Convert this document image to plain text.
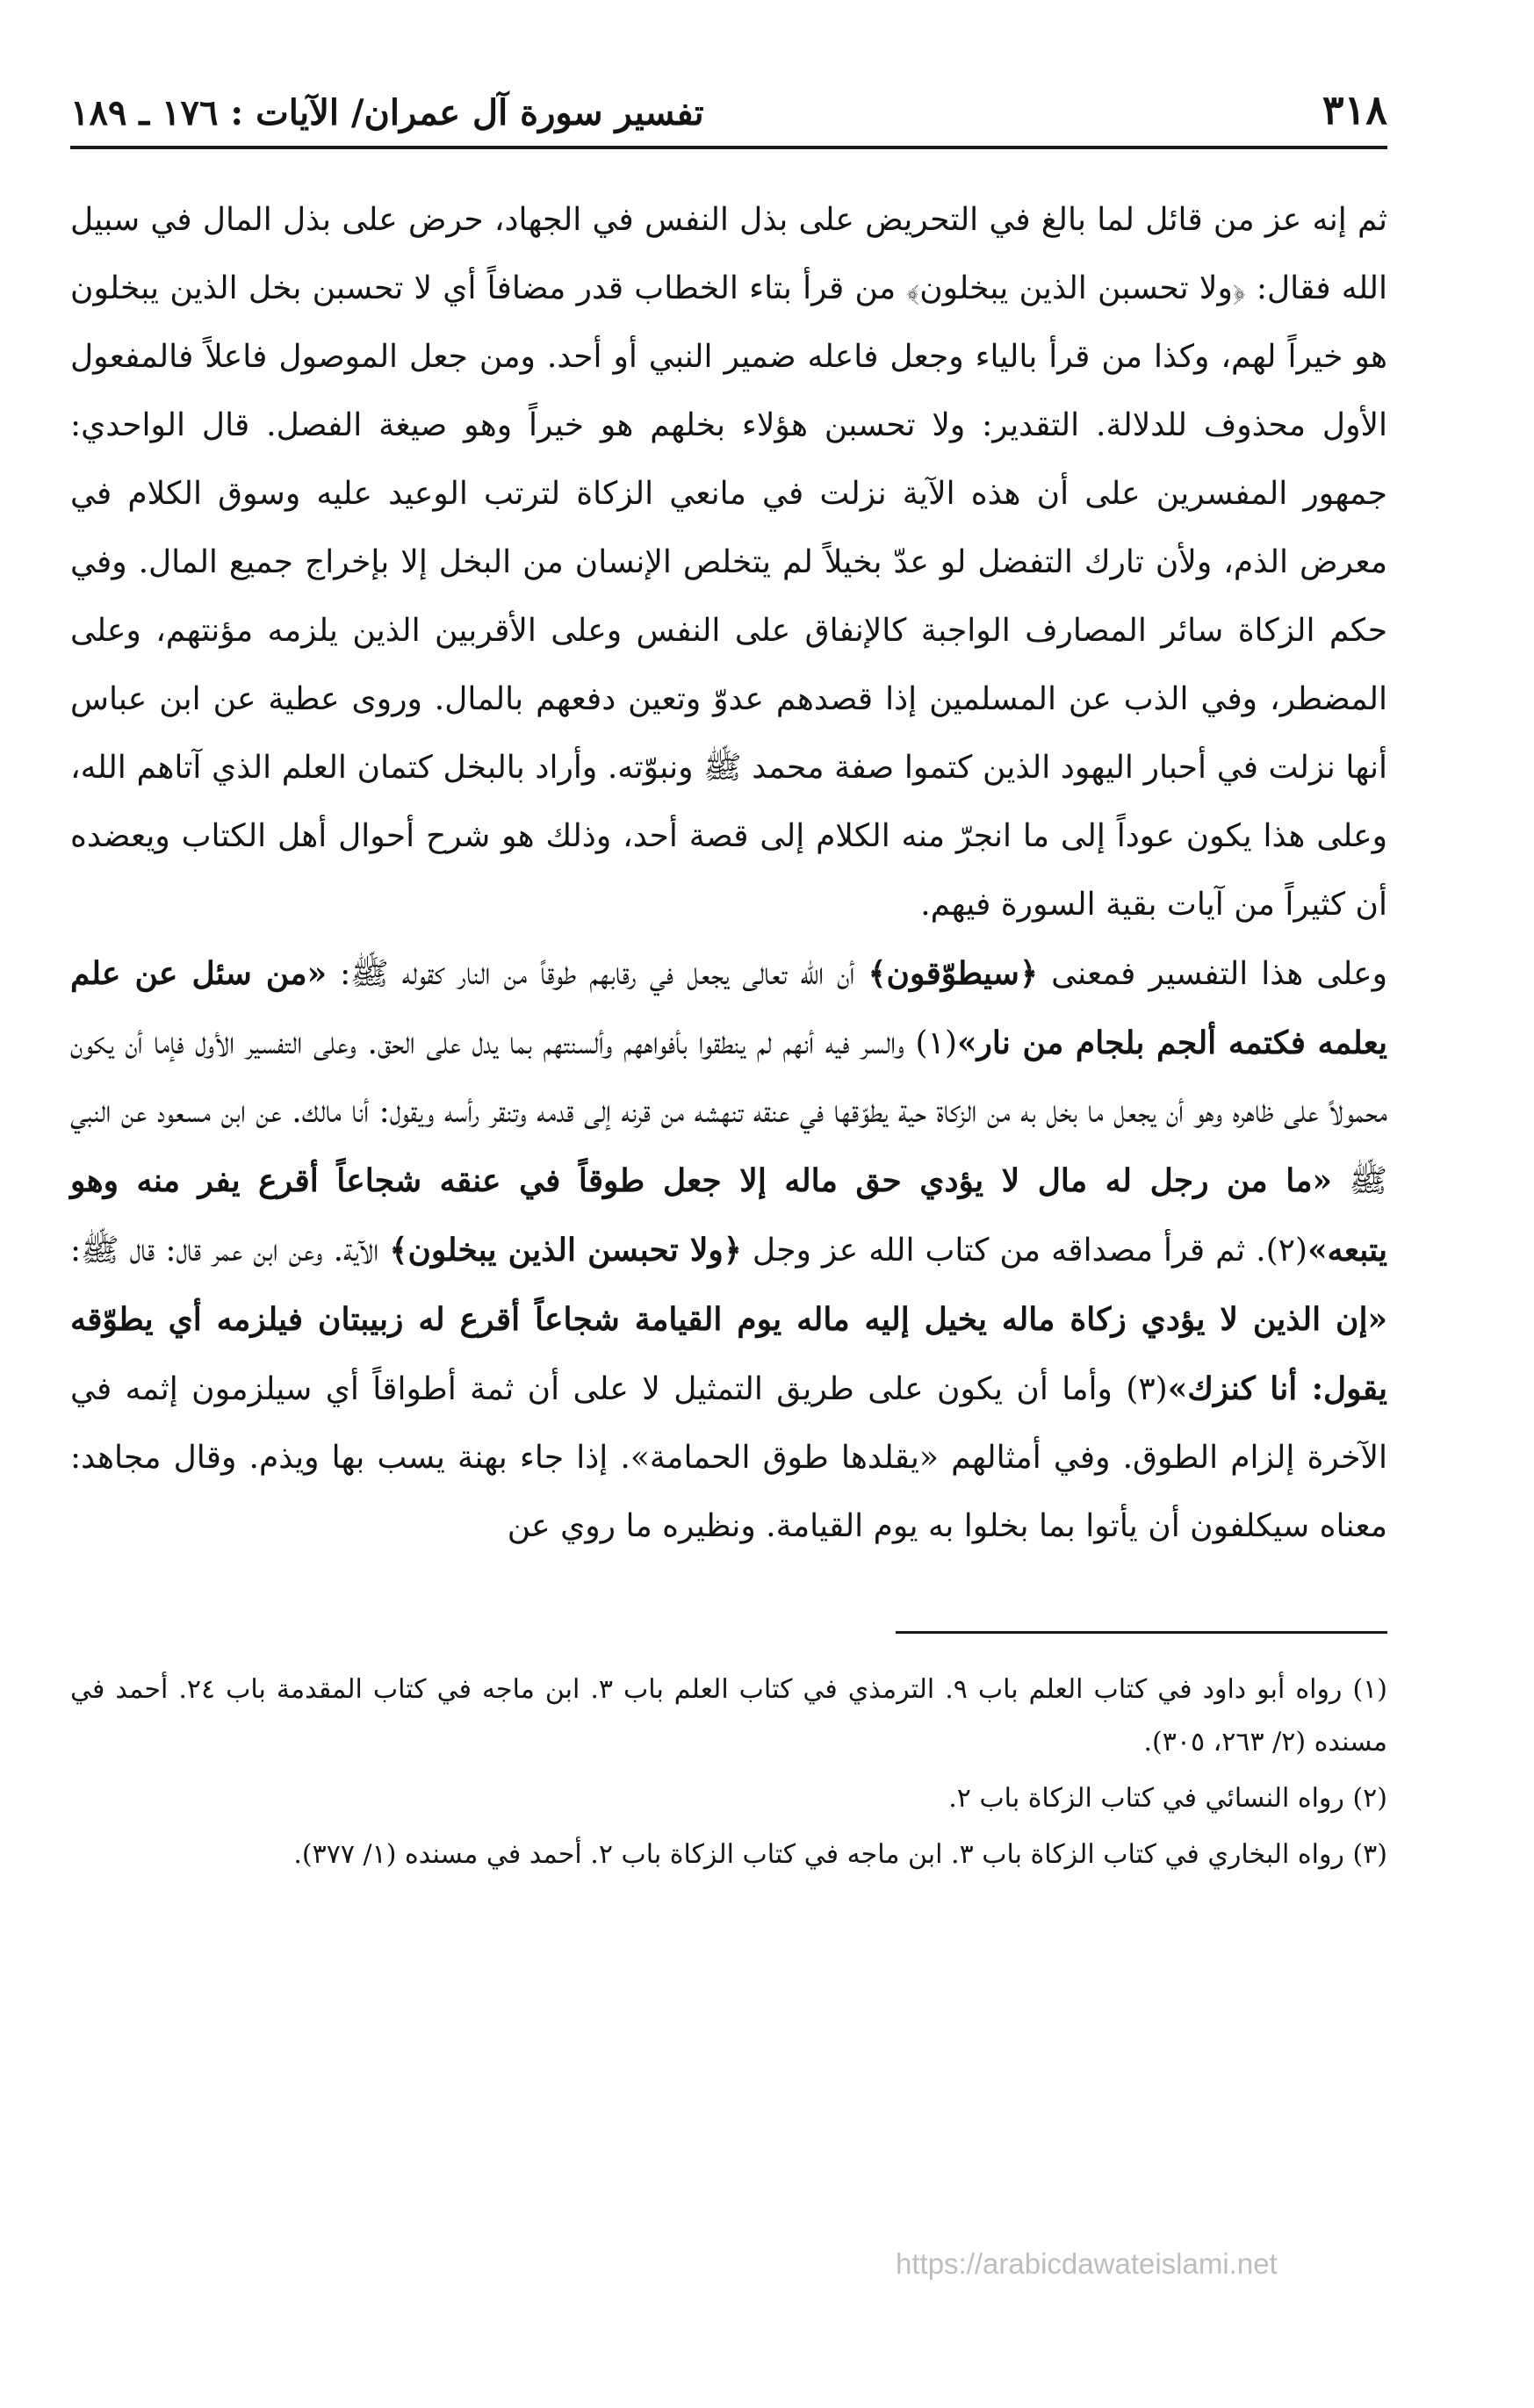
٣١٨
تفسير سورة آل عمران/ الآيات : ١٧٦ ـ ١٨٩

ثم إنه عز من قائل لما بالغ في التحريض على بذل النفس في الجهاد، حرض على بذل المال في سبيل الله فقال: ﴿ولا تحسبن الذين يبخلون﴾ من قرأ بتاء الخطاب قدر مضافاً أي لا تحسبن بخل الذين يبخلون هو خيراً لهم، وكذا من قرأ بالياء وجعل فاعله ضمير النبي أو أحد. ومن جعل الموصول فاعلاً فالمفعول الأول محذوف للدلالة. التقدير: ولا تحسبن هؤلاء بخلهم هو خيراً وهو صيغة الفصل. قال الواحدي: جمهور المفسرين على أن هذه الآية نزلت في مانعي الزكاة لترتب الوعيد عليه وسوق الكلام في معرض الذم، ولأن تارك التفضل لو عدّ بخيلاً لم يتخلص الإنسان من البخل إلا بإخراج جميع المال. وفي حكم الزكاة سائر المصارف الواجبة كالإنفاق على النفس وعلى الأقربين الذين يلزمه مؤنتهم، وعلى المضطر، وفي الذب عن المسلمين إذا قصدهم عدوّ وتعين دفعهم بالمال. وروى عطية عن ابن عباس أنها نزلت في أحبار اليهود الذين كتموا صفة محمد ﷺ ونبوّته. وأراد بالبخل كتمان العلم الذي آتاهم الله، وعلى هذا يكون عوداً إلى ما انجرّ منه الكلام إلى قصة أحد، وذلك هو شرح أحوال أهل الكتاب ويعضده أن كثيراً من آيات بقية السورة فيهم.

وعلى هذا التفسير فمعنى ﴿سيطوّقون﴾ أن الله تعالى يجعل في رقابهم طوقاً من النار كقوله ﷺ: «من سئل عن علم يعلمه فكتمه ألجم بلجام من نار»(١) والسر فيه أنهم لم ينطقوا بأفواههم وألسنتهم بما يدل على الحق. وعلى التفسير الأول فإما أن يكون محمولاً على ظاهره وهو أن يجعل ما بخل به من الزكاة حية يطوّقها في عنقه تنهشه من قرنه إلى قدمه وتنقر رأسه ويقول: أنا مالك. عن ابن مسعود عن النبي ﷺ «ما من رجل له مال لا يؤدي حق ماله إلا جعل طوقاً في عنقه شجاعاً أقرع يفر منه وهو يتبعه»(٢). ثم قرأ مصداقه من كتاب الله عز وجل ﴿ولا تحبسن الذين يبخلون﴾ الآية. وعن ابن عمر قال: قال ﷺ: «إن الذين لا يؤدي زكاة ماله يخيل إليه ماله يوم القيامة شجاعاً أقرع له زبيبتان فيلزمه أي يطوّقه يقول: أنا كنزك»(٣) وأما أن يكون على طريق التمثيل لا على أن ثمة أطواقاً أي سيلزمون إثمه في الآخرة إلزام الطوق. وفي أمثالهم «يقلدها طوق الحمامة». إذا جاء بهنة يسب بها ويذم. وقال مجاهد: معناه سيكلفون أن يأتوا بما بخلوا به يوم القيامة. ونظيره ما روي عن

(١) رواه أبو داود في كتاب العلم باب ٩. الترمذي في كتاب العلم باب ٣. ابن ماجه في كتاب المقدمة باب ٢٤. أحمد في مسنده (٢/ ٢٦٣، ٣٠٥).

(٢) رواه النسائي في كتاب الزكاة باب ٢.

(٣) رواه البخاري في كتاب الزكاة باب ٣. ابن ماجه في كتاب الزكاة باب ٢. أحمد في مسنده (١/ ٣٧٧).

https://arabicdawateislami.net
